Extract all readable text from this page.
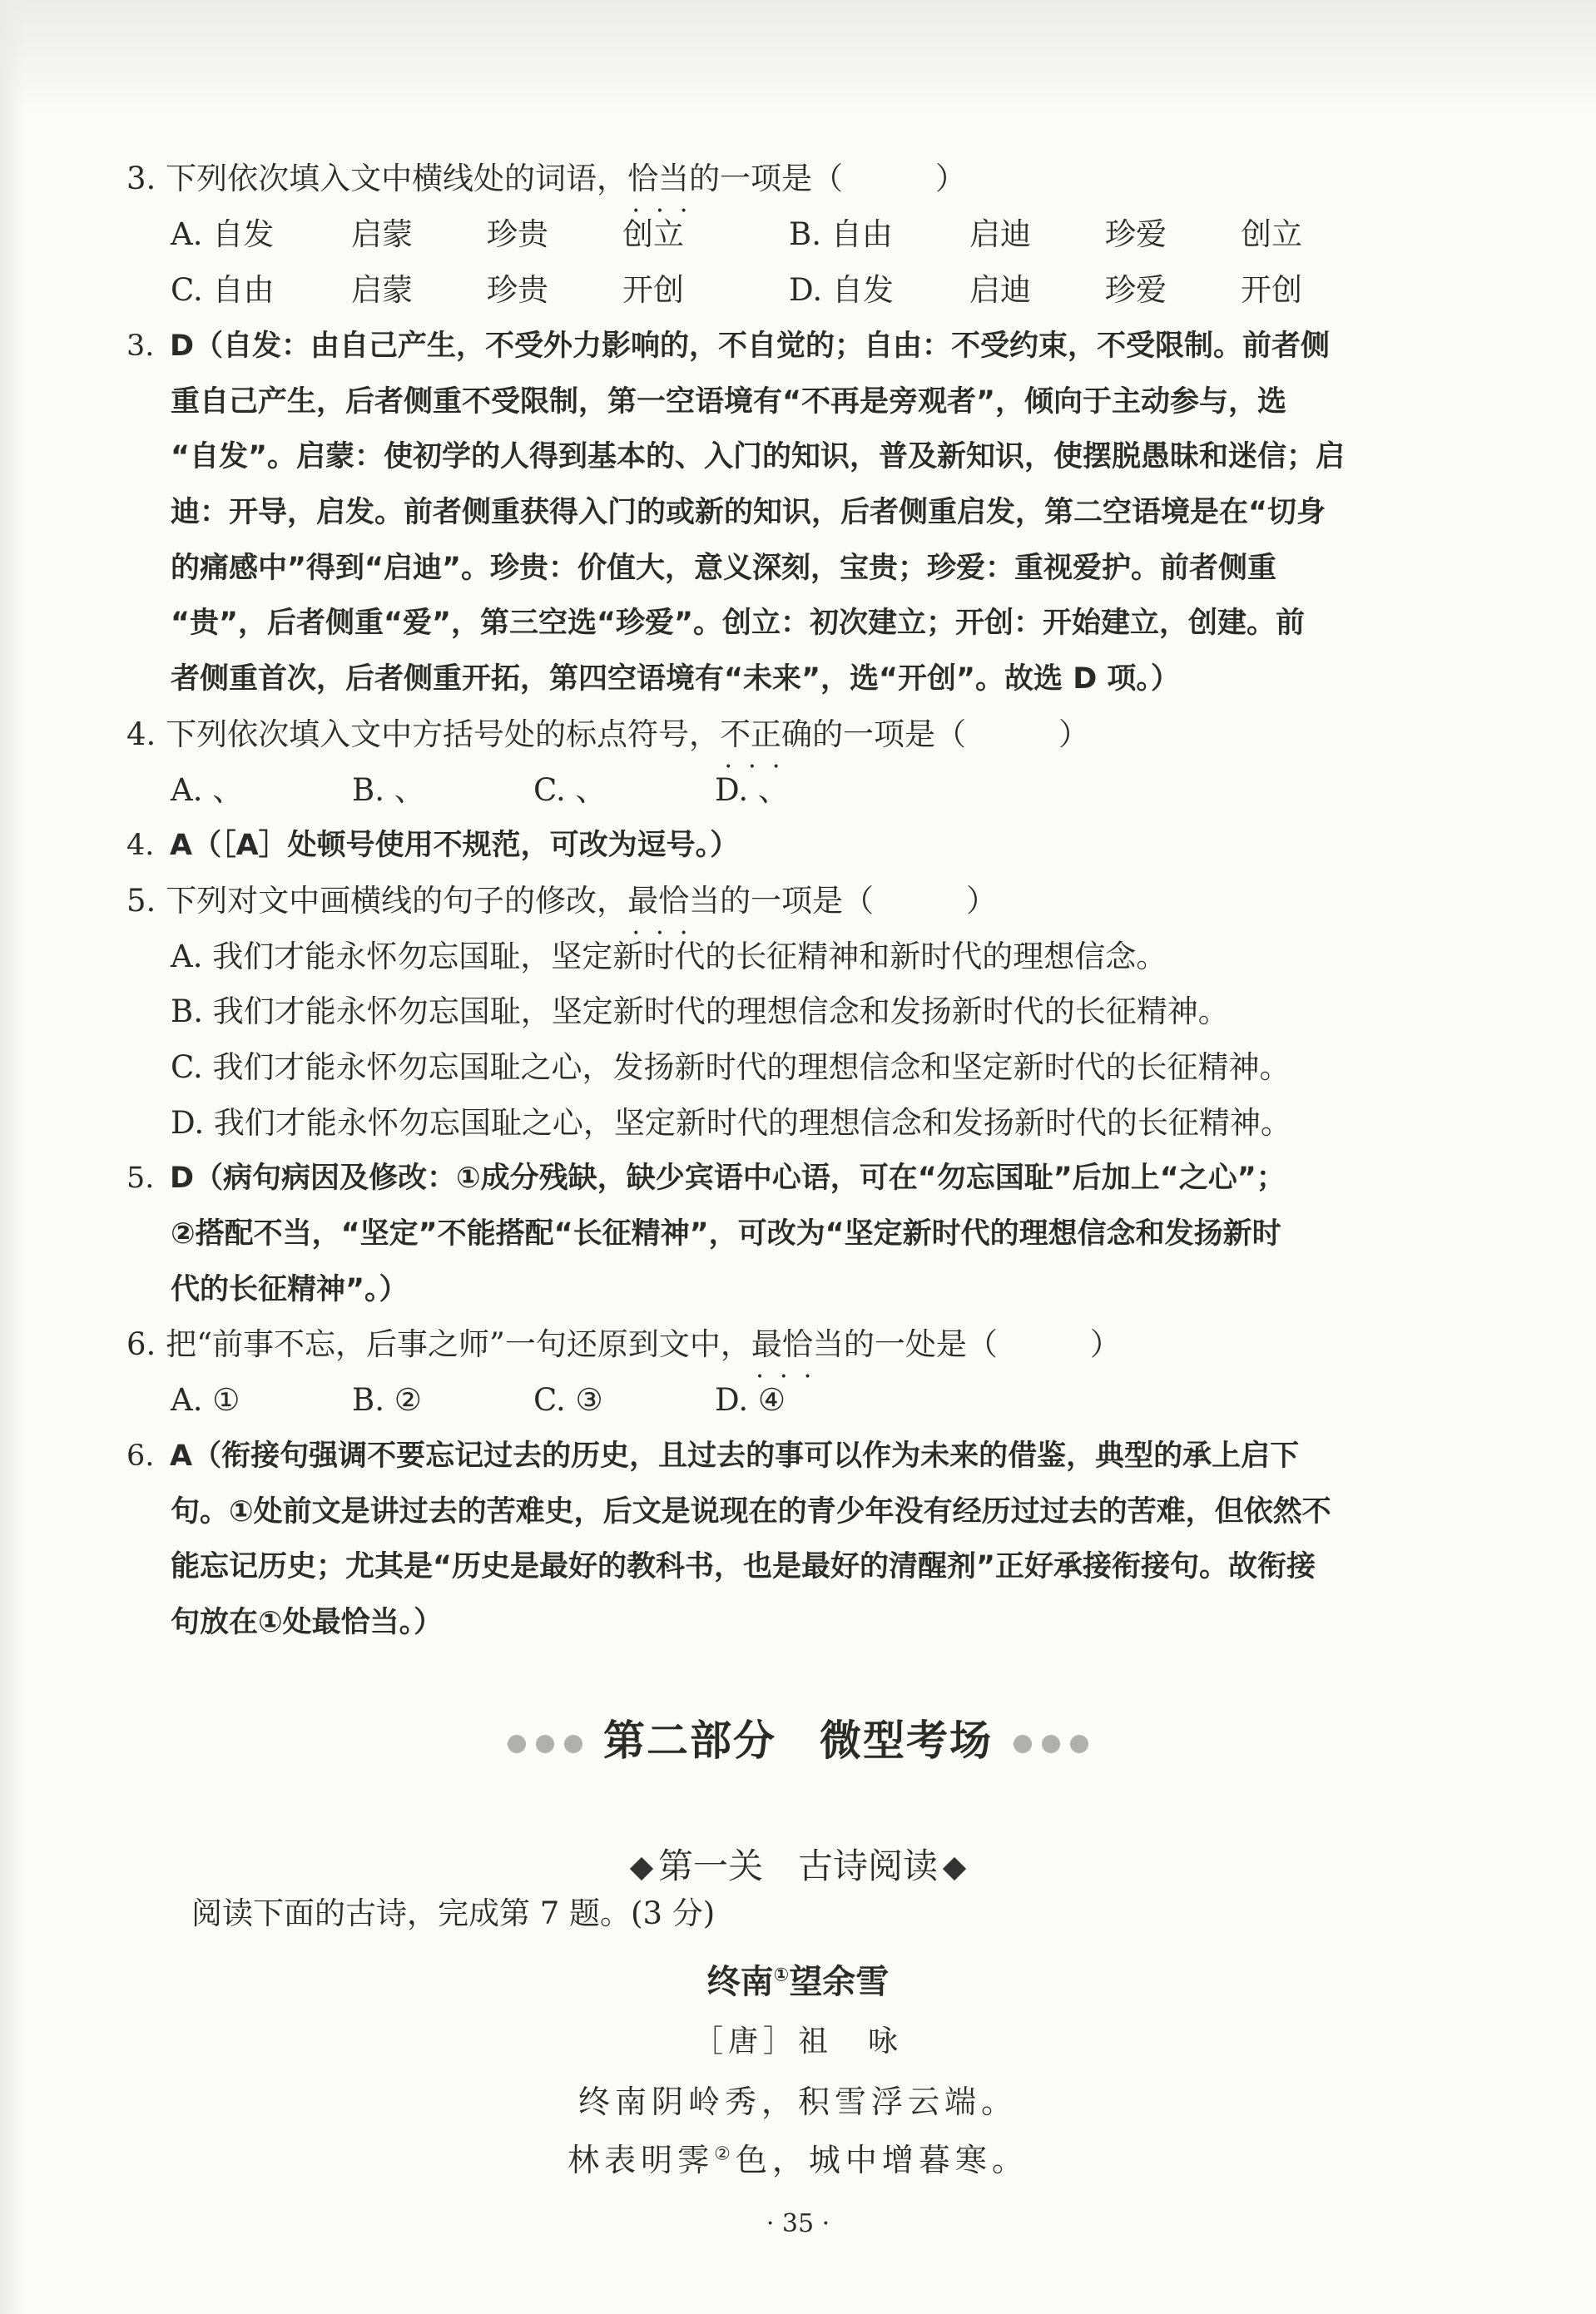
3. 下列依次填入文中横线处的词语，恰当 • • •的一项是（　　　）
A. 自发	启蒙 珍贵 创立	B. 自由 启迪 珍爱 创立
C. 自由 启蒙 珍贵 开创	D. 自发 启迪 珍爱 开创
3. D（自发：由自己产生，不受外力影响的，不自觉的；自由：不受约束，不受限制。前者侧
重自己产生，后者侧重不受限制，第一空语境有“不再是旁观者”，倾向于主动参与，选
“自发”。启蒙：使初学的人得到基本的、入门的知识，普及新知识，使摆脱愚昧和迷信；启
迪：开导，启发。前者侧重获得入门的或新的知识，后者侧重启发，第二空语境是在“切身
的痛感中”得到“启迪”。珍贵：价值大，意义深刻，宝贵；珍爱：重视爱护。前者侧重
“贵”，后者侧重“爱”，第三空选“珍爱”。创立：初次建立；开创：开始建立，创建。前
者侧重首次，后者侧重开拓，第四空语境有“未来”，选“开创”。故选 D 项。）
4. 下列依次填入文中方括号处的标点符号，不正确 • • •的一项是（　　　）
A. 、	B. 、	C. 、	D. 、
4. A（［A］处顿号使用不规范，可改为逗号。）
5. 下列对文中画横线的句子的修改，最恰当 • • •的一项是（　　　）
A. 我们才能永怀勿忘国耻，坚定新时代的长征精神和新时代的理想信念。
B. 我们才能永怀勿忘国耻，坚定新时代的理想信念和发扬新时代的长征精神。
C. 我们才能永怀勿忘国耻之心，发扬新时代的理想信念和坚定新时代的长征精神。
D. 我们才能永怀勿忘国耻之心，坚定新时代的理想信念和发扬新时代的长征精神。
5. D（病句病因及修改：①成分残缺，缺少宾语中心语，可在“勿忘国耻”后加上“之心”；
②搭配不当，“坚定”不能搭配“长征精神”，可改为“坚定新时代的理想信念和发扬新时
代的长征精神”。）
6. 把“前事不忘，后事之师”一句还原到文中，最恰当 • • •的一处是（　　　）
A. ①	B. ②	C. ③	D. ④
6. A（衔接句强调不要忘记过去的历史，且过去的事可以作为未来的借鉴，典型的承上启下
句。①处前文是讲过去的苦难史，后文是说现在的青少年没有经历过过去的苦难，但依然不
能忘记历史；尤其是“历史是最好的教科书，也是最好的清醒剂”正好承接衔接句。故衔接
句放在①处最恰当。）
第二部分　微型考场
第一关　古诗阅读
阅读下面的古诗，完成第 7 题。(3 分)
终南①望余雪
［唐］祖　咏
终南阴岭秀，积雪浮云端。
林表明霁②色，城中增暮寒。
· 35 ·
